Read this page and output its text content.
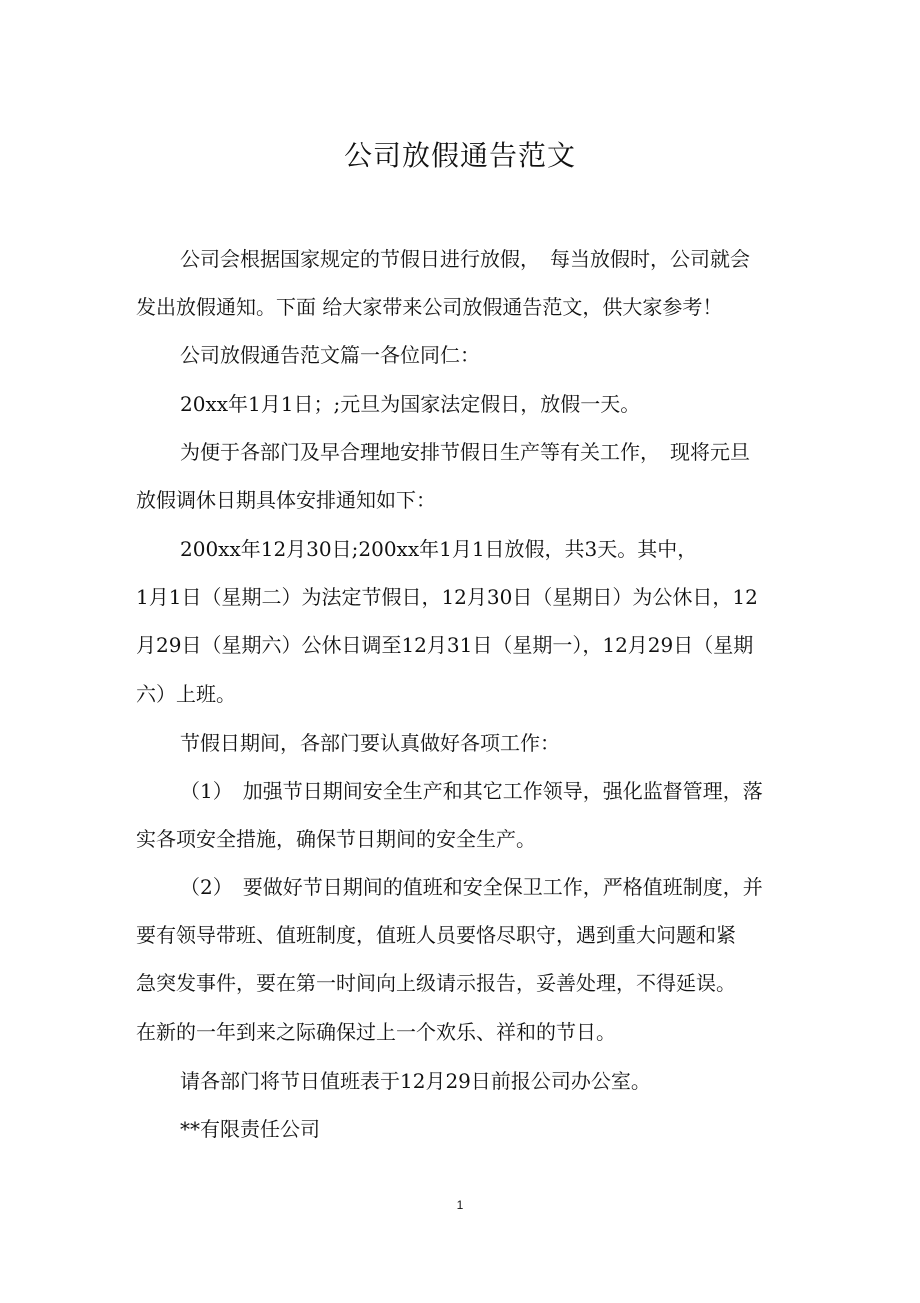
公司放假通告范文

公司会根据国家规定的节假日进行放假，　每当放假时，公司就会

发出放假通知。下面 给大家带来公司放假通告范文，供大家参考！

公司放假通告范文篇一各位同仁：

20xx年1月1日；;元旦为国家法定假日，放假一天。

为便于各部门及早合理地安排节假日生产等有关工作，　现将元旦

放假调休日期具体安排通知如下：

200xx年12月30日;200xx年1月1日放假，共3天。其中，

1月1日（星期二）为法定节假日，12月30日（星期日）为公休日，12

月29日（星期六）公休日调至12月31日（星期一），12月29日（星期

六）上班。

节假日期间，各部门要认真做好各项工作：

（1）　加强节日期间安全生产和其它工作领导，强化监督管理，落

实各项安全措施，确保节日期间的安全生产。

（2）　要做好节日期间的值班和安全保卫工作，严格值班制度，并

要有领导带班、值班制度，值班人员要恪尽职守，遇到重大问题和紧

急突发事件，要在第一时间向上级请示报告，妥善处理，不得延误。

在新的一年到来之际确保过上一个欢乐、祥和的节日。

请各部门将节日值班表于12月29日前报公司办公室。

**有限责任公司

1
